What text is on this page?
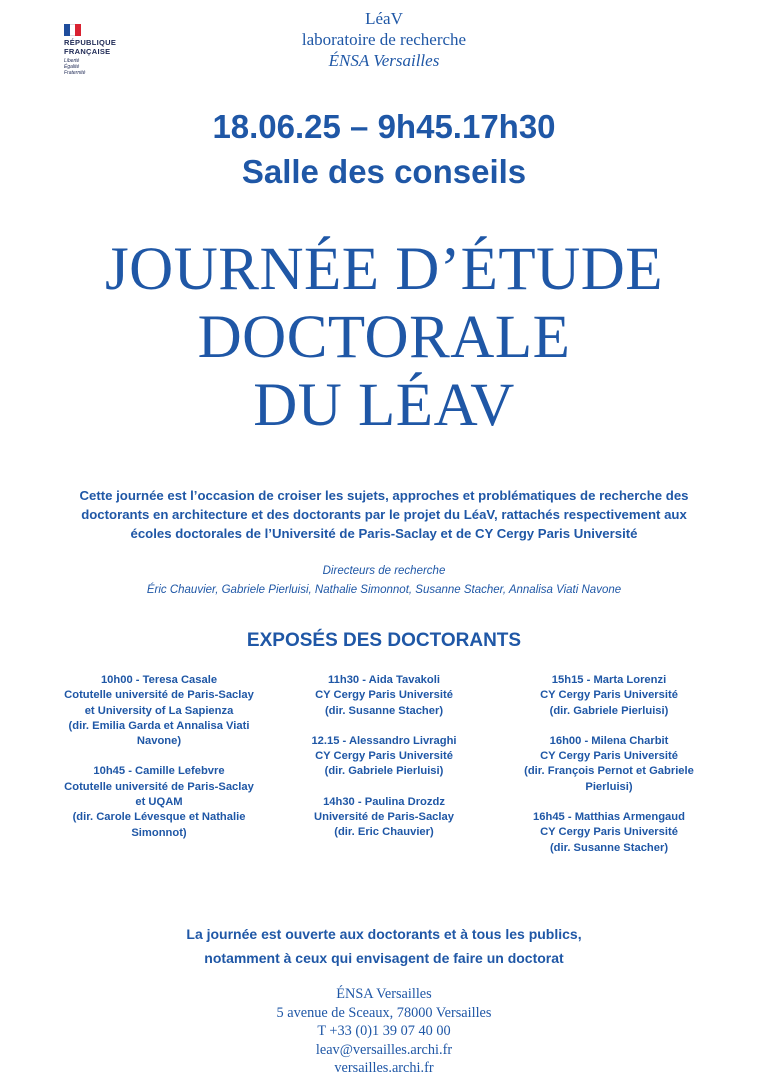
RÉPUBLIQUE
FRANÇAISE
Liberté
Égalité
Fraternité
LéaV
laboratoire de recherche
ÉNSA Versailles
18.06.25 – 9h45.17h30
Salle des conseils
JOURNÉE D’ÉTUDE
DOCTORALE
DU LÉAV
Cette journée est l’occasion de croiser les sujets, approches et problématiques de recherche des
doctorants en architecture et des doctorants par le projet du LéaV, rattachés respectivement aux
écoles doctorales de l’Université de Paris-Saclay et de CY Cergy Paris Université
Directeurs de recherche
Éric Chauvier, Gabriele Pierluisi, Nathalie Simonnot, Susanne Stacher, Annalisa Viati Navone
EXPOSÉS DES DOCTORANTS
10h00 - Teresa Casale
Cotutelle université de Paris-Saclay
et University of La Sapienza
(dir. Emilia Garda et Annalisa Viati
Navone)
10h45 - Camille Lefebvre
Cotutelle université de Paris-Saclay
et UQAM
(dir. Carole Lévesque et Nathalie
Simonnot)
11h30 - Aida Tavakoli
CY Cergy Paris Université
(dir. Susanne Stacher)
12.15 - Alessandro Livraghi
CY Cergy Paris Université
(dir. Gabriele Pierluisi)
14h30 - Paulina Drozdz
Université de Paris-Saclay
(dir. Eric Chauvier)
15h15 - Marta Lorenzi
CY Cergy Paris Université
(dir. Gabriele Pierluisi)
16h00 - Milena Charbit
CY Cergy Paris Université
(dir. François Pernot et Gabriele
Pierluisi)
16h45 - Matthias Armengaud
CY Cergy Paris Université
(dir. Susanne Stacher)
La journée est ouverte aux doctorants et à tous les publics,
notamment à ceux qui envisagent de faire un doctorat
ÉNSA Versailles
5 avenue de Sceaux, 78000 Versailles
T +33 (0)1 39 07 40 00
leav@versailles.archi.fr
versailles.archi.fr
